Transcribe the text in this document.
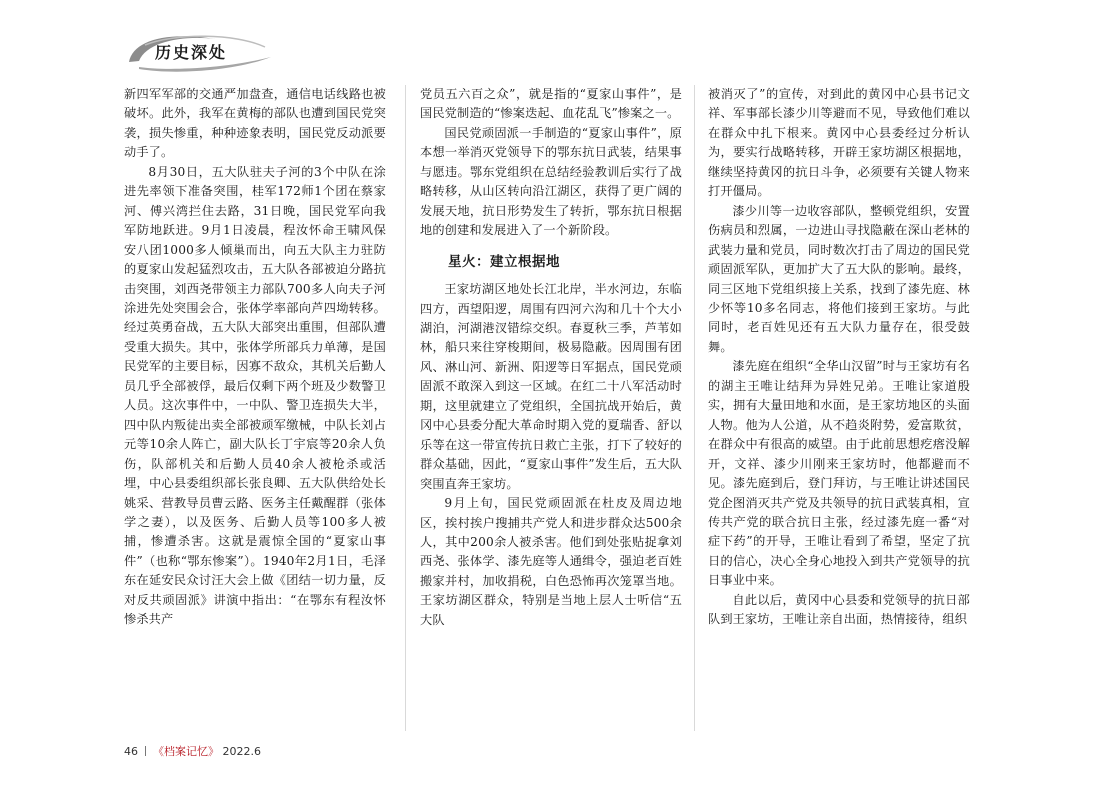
历史深处

新四军军部的交通严加盘查，通信电话线路也被破坏。此外，我军在黄梅的部队也遭到国民党突袭，损失惨重，种种迹象表明，国民党反动派要动手了。

8月30日，五大队驻夫子河的3个中队在涂进先率领下准备突围，桂军172师1个团在蔡家河、傅兴湾拦住去路，31日晚，国民党军向我军防地跃进。9月1日凌晨，程汝怀命王啸风保安八团1000多人倾巢而出，向五大队主力驻防的夏家山发起猛烈攻击，五大队各部被迫分路抗击突围，刘西尧带领主力部队700多人向夫子河涂进先处突围会合，张体学率部向芦四坳转移。经过英勇奋战，五大队大部突出重围，但部队遭受重大损失。其中，张体学所部兵力单薄，是国民党军的主要目标，因寡不敌众，其机关后勤人员几乎全部被俘，最后仅剩下两个班及少数警卫人员。这次事件中，一中队、警卫连损失大半，四中队内叛徒出卖全部被顽军缴械，中队长刘占元等10余人阵亡，副大队长丁宇宸等20余人负伤，队部机关和后勤人员40余人被枪杀或活埋，中心县委组织部长张良卿、五大队供给处长姚采、营教导员曹云路、医务主任戴醒群（张体学之妻），以及医务、后勤人员等100多人被捕，惨遭杀害。这就是震惊全国的“夏家山事件”（也称“鄂东惨案”）。1940年2月1日，毛泽东在延安民众讨汪大会上做《团结一切力量，反对反共顽固派》讲演中指出：“在鄂东有程汝怀惨杀共产

党员五六百之众”，就是指的“夏家山事件”，是国民党制造的“惨案迭起、血花乱飞”惨案之一。

国民党顽固派一手制造的“夏家山事件”，原本想一举消灭党领导下的鄂东抗日武装，结果事与愿违。鄂东党组织在总结经验教训后实行了战略转移，从山区转向沿江湖区，获得了更广阔的发展天地，抗日形势发生了转折，鄂东抗日根据地的创建和发展进入了一个新阶段。

星火：建立根据地

王家坊湖区地处长江北岸，半水河边，东临四方，西望阳逻，周围有四河六沟和几十个大小湖泊，河湖港汊错综交织。春夏秋三季，芦苇如林，船只来往穿梭期间，极易隐蔽。因周围有团风、淋山河、新洲、阳逻等日军据点，国民党顽固派不敢深入到这一区域。在红二十八军活动时期，这里就建立了党组织，全国抗战开始后，黄冈中心县委分配大革命时期入党的夏瑞香、舒以乐等在这一带宣传抗日救亡主张，打下了较好的群众基础，因此，“夏家山事件”发生后，五大队突围直奔王家坊。

9月上旬，国民党顽固派在杜皮及周边地区，挨村挨户搜捕共产党人和进步群众达500余人，其中200余人被杀害。他们到处张贴捉拿刘西尧、张体学、漆先庭等人通缉令，强迫老百姓搬家并村，加收捐税，白色恐怖再次笼罩当地。王家坊湖区群众，特别是当地上层人士听信“五大队

被消灭了”的宣传，对到此的黄冈中心县书记文祥、军事部长漆少川等避而不见，导致他们难以在群众中扎下根来。黄冈中心县委经过分析认为，要实行战略转移，开辟王家坊湖区根据地，继续坚持黄冈的抗日斗争，必须要有关键人物来打开僵局。

漆少川等一边收容部队，整顿党组织，安置伤病员和烈属，一边进山寻找隐蔽在深山老林的武装力量和党员，同时数次打击了周边的国民党顽固派军队，更加扩大了五大队的影响。最终，同三区地下党组织接上关系，找到了漆先庭、林少怀等10多名同志，将他们接到王家坊。与此同时，老百姓见还有五大队力量存在，很受鼓舞。

漆先庭在组织“全华山汉留”时与王家坊有名的湖主王唯让结拜为异姓兄弟。王唯让家道殷实，拥有大量田地和水面，是王家坊地区的头面人物。他为人公道，从不趋炎附势，爱富欺贫，在群众中有很高的威望。由于此前思想疙瘩没解开，文祥、漆少川刚来王家坊时，他都避而不见。漆先庭到后，登门拜访，与王唯让讲述国民党企图消灭共产党及共领导的抗日武装真相，宣传共产党的联合抗日主张，经过漆先庭一番“对症下药”的开导，王唯让看到了希望，坚定了抗日的信心，决心全身心地投入到共产党领导的抗日事业中来。

自此以后，黄冈中心县委和党领导的抗日部队到王家坊，王唯让亲自出面，热情接待，组织

46 《档案记忆》 2022.6
